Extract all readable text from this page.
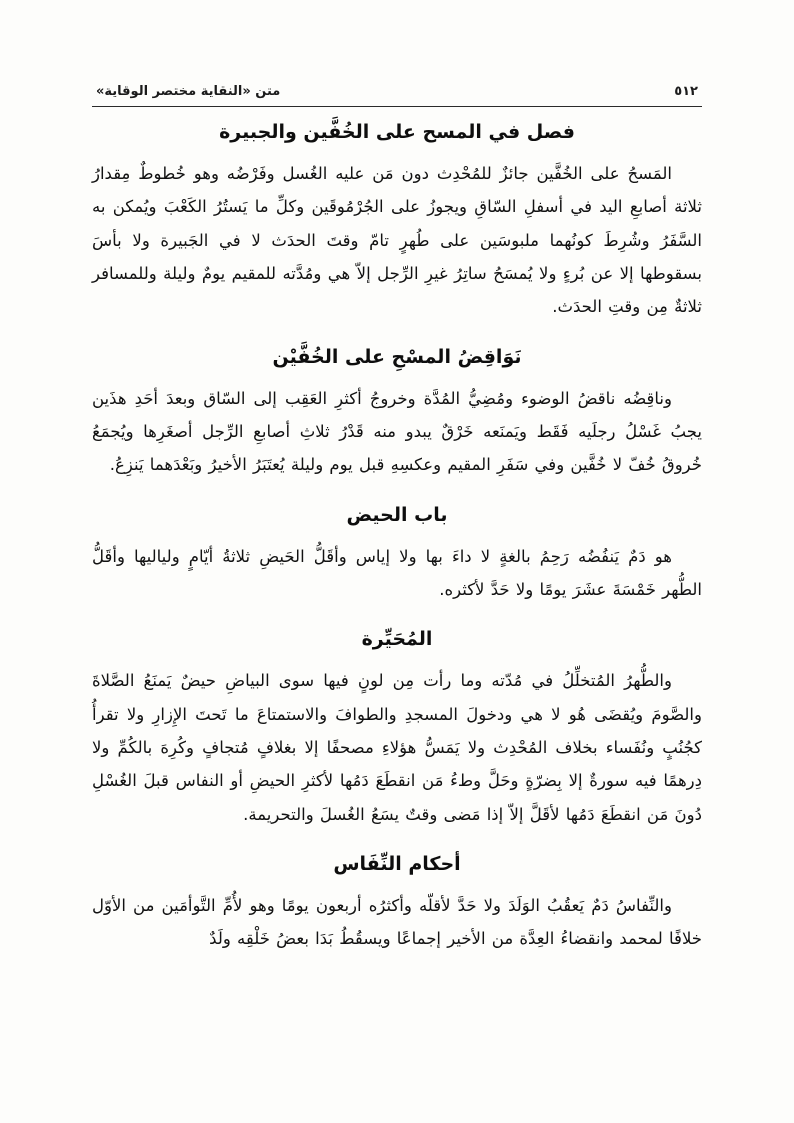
٥١٢
متن «النقاية مختصر الوقاية»
فصل في المسح على الخُفَّين والجبيرة

المَسحُ على الخُفَّين جائزٌ للمُحْدِث دون مَن عليه الغُسل وفَرْضُه وهو خُطوطٌ مِقدارُ ثلاثة أصابعِ اليد في أسفلِ السّاقِ ويجوزُ على الجُرْمُوقَين وكلِّ ما يَستُرُ الكَعْبَ ويُمكن به السَّفَرُ وشُرِطَ كونُهما ملبوسَين على طُهرٍ تامّ وقتَ الحدَث لا في الجَبيرة ولا بأسَ بسقوطها إلا عن بُرءٍ ولا يُمسَحُ ساتِرُ غيرِ الرِّجل إلاّ هي ومُدَّته للمقيم يومٌ وليلة وللمسافر ثلاثةٌ مِن وقتِ الحدَث.

نَوَاقِضُ المسْحِ على الخُفَّيْن

وناقِضُه ناقضُ الوضوء ومُضِيُّ المُدَّة وخروجُ أكثرِ العَقِب إلى السّاق وبعدَ أحَدِ هذَين يجبُ غَسْلُ رجلَيه فَقَط ويَمنَعه خَرْقٌ يبدو منه قَدْرُ ثلاثِ أصابعِ الرِّجل أصغَرِها ويُجمَعُ خُروقُ خُفّ لا خُفَّين وفي سَفَرِ المقيم وعكسِهِ قبل يوم وليلة يُعتَبَرُ الأخيرُ وبَعْدَهما يَنزِعُ.

باب الحيض

هو دَمٌ يَنفُضُه رَحِمُ بالغةٍ لا داءَ بها ولا إياس وأقَلُّ الحَيضِ ثلاثةُ أيّامٍ ولياليها وأقَلُّ الطُّهر خَمْسَةَ عشَرَ يومًا ولا حَدَّ لأكثره.

المُحَيِّرة

والطُّهرُ المُتخلِّلُ في مُدّته وما رأت مِن لونٍ فيها سوى البياضِ حيضٌ يَمنَعُ الصَّلاةَ والصَّومَ ويُقضَى هُو لا هي ودخولَ المسجدِ والطوافَ والاستمتاعَ ما تَحتَ الإِزارِ ولا تقرأُ كجُنُبٍ ونُفَساء بخلاف المُحْدِث ولا يَمَسُّ هؤلاءِ مصحفًا إلا بغلافٍ مُتجافٍ وكُرِهَ بالكُمِّ ولا دِرهمًا فيه سورةٌ إلا بِضرّةٍ وحَلَّ وطءُ مَن انقطَعَ دَمُها لأكثرِ الحيضِ أو النفاس قبلَ الغُسْلِ دُونَ مَن انقطَعَ دَمُها لأقَلَّ إلاّ إذا مَضى وقتٌ يسَعُ الغُسلَ والتحريمة.

أحكام النِّفَاس

والنِّفاسُ دَمٌ يَعقُبُ الوَلَدَ ولا حَدَّ لأقلّه وأكثرُه أربعون يومًا وهو لأُمِّ التَّوأمَين من الأوّل خلافًا لمحمد وانقضاءُ العِدَّة من الأخير إجماعًا ويسقُطُ بَدَا بعضُ خَلْقِه ولَدٌ
